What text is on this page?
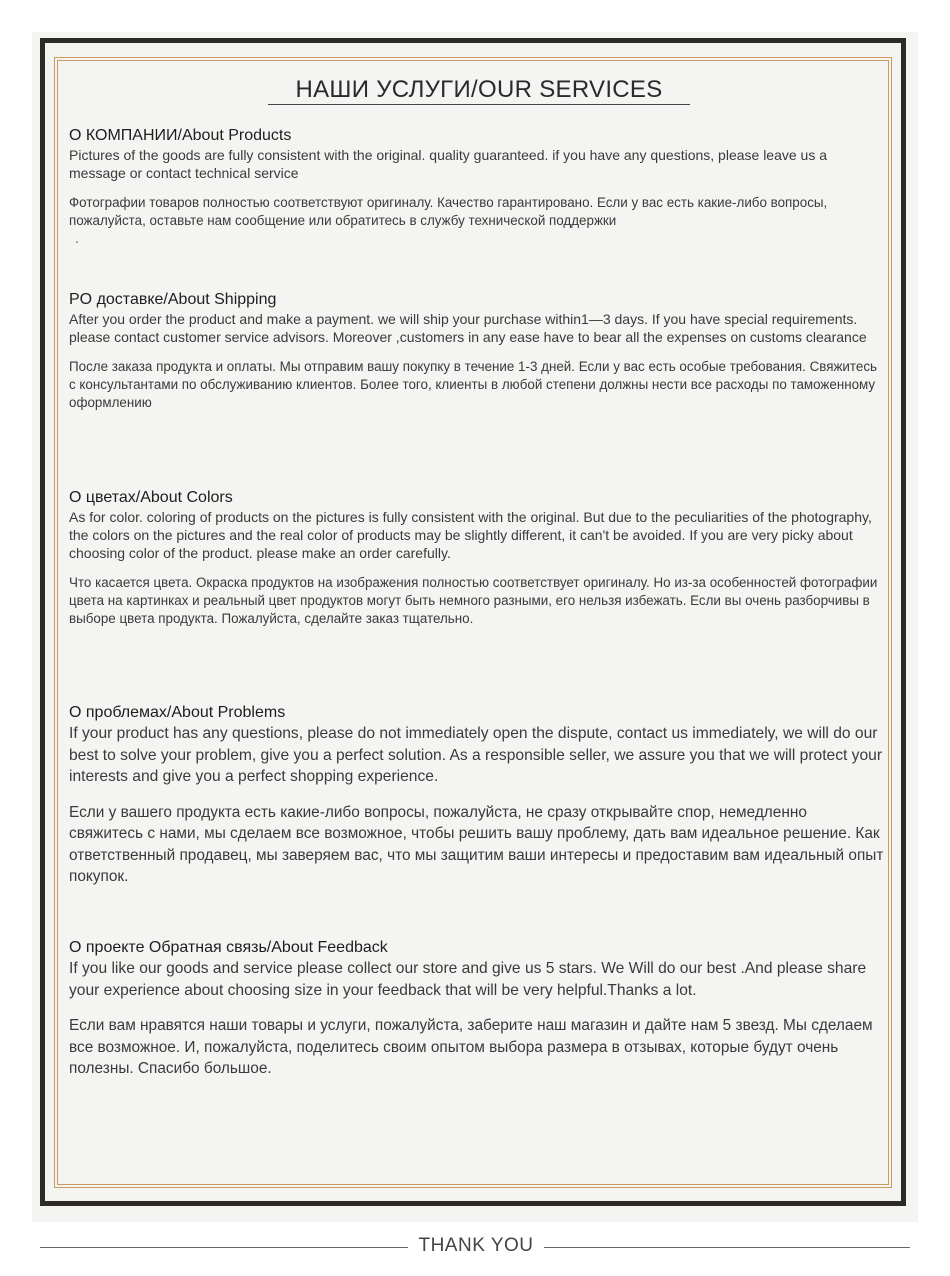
НАШИ УСЛУГИ/OUR SERVICES
О КОМПАНИИ/About Products

Pictures of the goods are fully consistent with the original. quality guaranteed. if you have any questions, please leave us a message or contact technical service

Фотографии товаров полностью соответствуют оригиналу. Качество гарантировано. Если у вас есть какие-либо вопросы, пожалуйста, оставьте нам сообщение или обратитесь в службу технической поддержки

.
PO доставке/About Shipping

After you order the product and make a payment. we will ship your purchase within1—3 days. If you have special requirements. please contact customer service advisors. Moreover ,customers in any ease have to bear all the expenses on customs clearance

После заказа продукта и оплаты. Мы отправим вашу покупку в течение 1-3 дней. Если у вас есть особые требования. Свяжитесь с консультантами по обслуживанию клиентов. Более того, клиенты в любой степени должны нести все расходы по таможенному оформлению

О цветах/About Colors

As for color. coloring of products on the pictures is fully consistent with the original. But due to the peculiarities of the photography, the colors on the pictures and the real color of products may be slightly different, it can't be avoided. If you are very picky about choosing color of the product. please make an order carefully.

Что касается цвета. Окраска продуктов на изображения полностью соответствует оригиналу. Но из-за особенностей фотографии цвета на картинках и реальный цвет продуктов могут быть немного разными, его нельзя избежать. Если вы очень разборчивы в выборе цвета продукта. Пожалуйста, сделайте заказ тщательно.

О проблемах/About Problems

If your product has any questions, please do not immediately open the dispute, contact us immediately, we will do our best to solve your problem, give you a perfect solution. As a responsible seller, we assure you that we will protect your interests and give you a perfect shopping experience.

Если у вашего продукта есть какие-либо вопросы, пожалуйста, не сразу открывайте спор, немедленно свяжитесь с нами, мы сделаем все возможное, чтобы решить вашу проблему, дать вам идеальное решение. Как ответственный продавец, мы заверяем вас, что мы защитим ваши интересы и предоставим вам идеальный опыт покупок.

О проекте Обратная связь/About Feedback

If you like our goods and service please collect our store and give us 5 stars. We Will do our best .And please share your experience about choosing size in your feedback that will be very helpful.Thanks a lot.

Если вам нравятся наши товары и услуги, пожалуйста, заберите наш магазин и дайте нам 5 звезд. Мы сделаем все возможное. И, пожалуйста, поделитесь своим опытом выбора размера в отзывах, которые будут очень полезны. Спасибо большое.

THANK YOU
